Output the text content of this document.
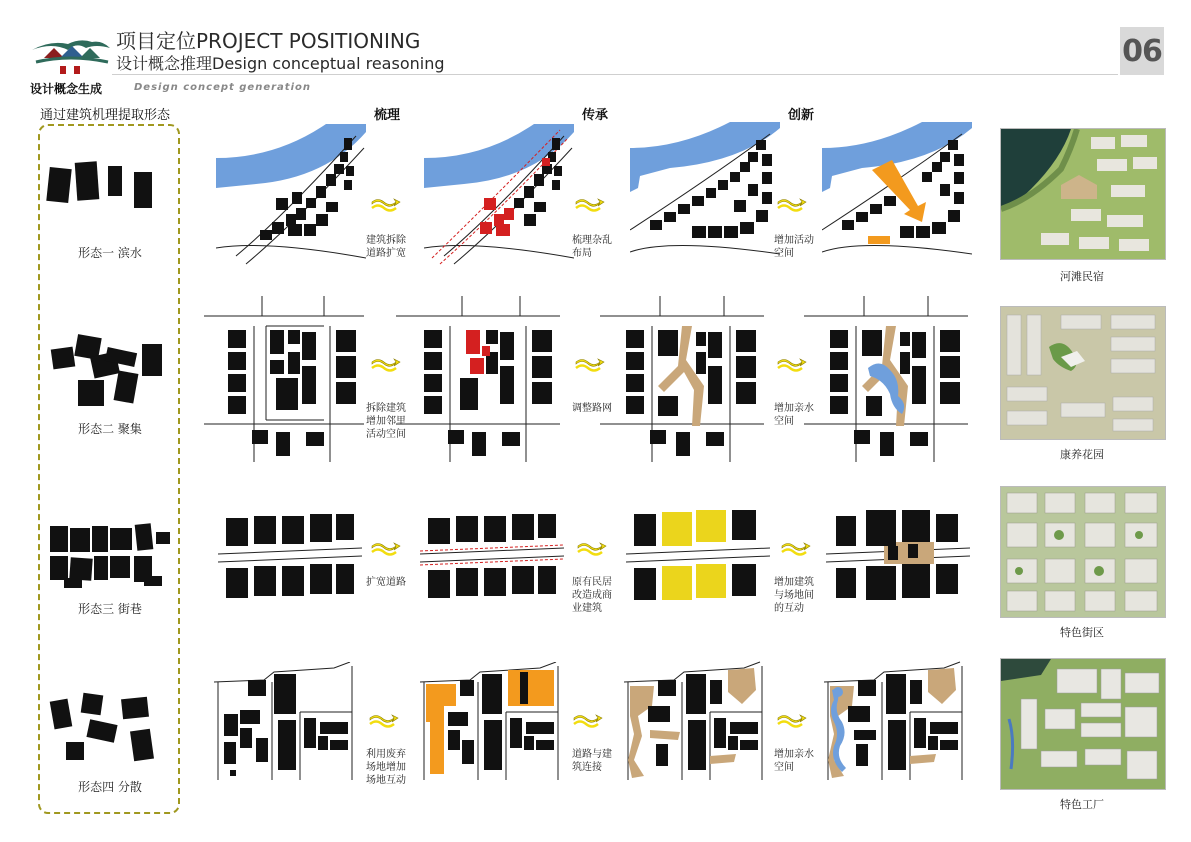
项目定位PROJECT POSITIONING
设计概念推理Design conceptual reasoning	06
设计概念生成	Design concept generation
通过建筑机理提取形态
形态一 滨水
形态二 聚集
形态三 街巷
形态四 分散
梳理	传承	创新
建筑拆除
道路扩宽
梳理杂乱
布局
增加活动
空间
拆除建筑
增加邻里
活动空间
调整路网	增加亲水
空间
扩宽道路	原有民居
改造成商
业建筑
增加建筑
与场地间
的互动
利用废弃
场地增加
场地互动
道路与建
筑连接
增加亲水
空间
河滩民宿
康养花园
特色街区
特色工厂
